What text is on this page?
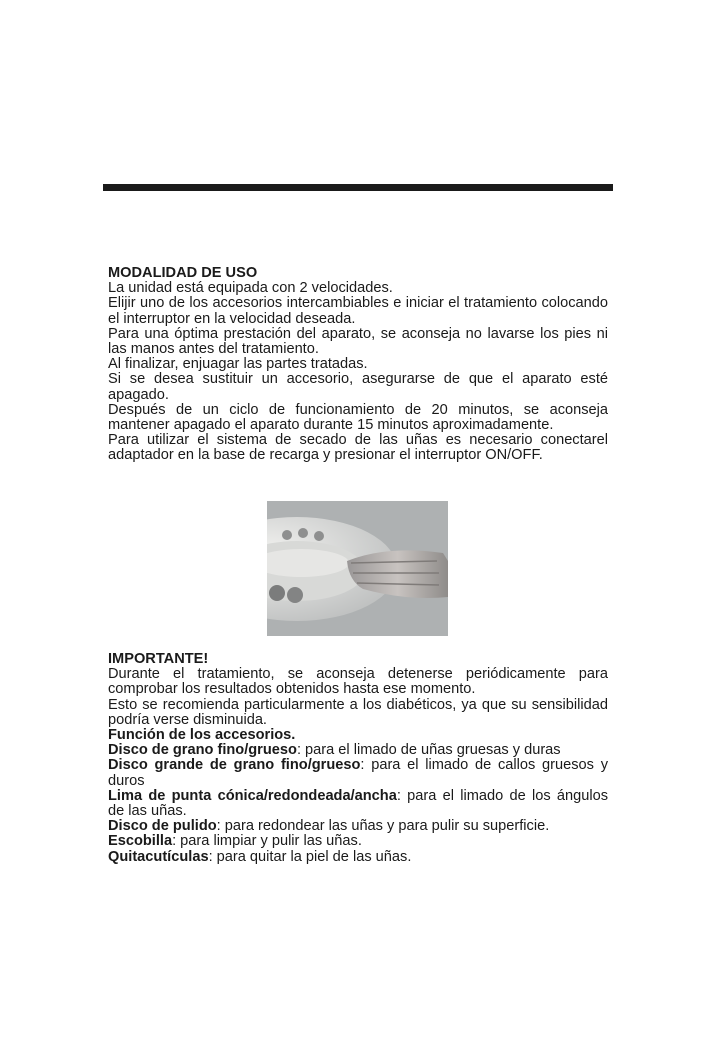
MODALIDAD DE USO

La unidad está equipada con 2 velocidades.

Elijir uno de los accesorios intercambiables e iniciar el tratamiento colocando el interruptor en la velocidad deseada.

Para una óptima prestación del aparato, se aconseja no lavarse los pies ni las manos antes del tratamiento.

Al finalizar, enjuagar las partes tratadas.

Si se desea sustituir un accesorio, asegurarse de que el aparato esté apagado.

Después de un ciclo de funcionamiento de 20 minutos, se aconseja mantener apagado el aparato durante 15 minutos aproximadamente.

Para utilizar el sistema de secado de las uñas es necesario conectarel adaptador en la base de recarga y presionar el interruptor ON/OFF.

IMPORTANTE!

Durante el tratamiento, se aconseja detenerse periódicamente para comprobar los resultados obtenidos hasta ese momento.

Esto se recomienda particularmente a los diabéticos, ya que su sensibilidad podría verse disminuida.

Función de los accesorios.

Disco de grano fino/grueso: para el limado de uñas gruesas y duras

Disco grande de grano fino/grueso: para el limado de callos gruesos y duros

Lima de punta cónica/redondeada/ancha: para el limado de los ángulos de las uñas.

Disco de pulido: para redondear las uñas y para pulir su superficie.

Escobilla: para limpiar y pulir las uñas.

Quitacutículas: para quitar la piel de las uñas.
